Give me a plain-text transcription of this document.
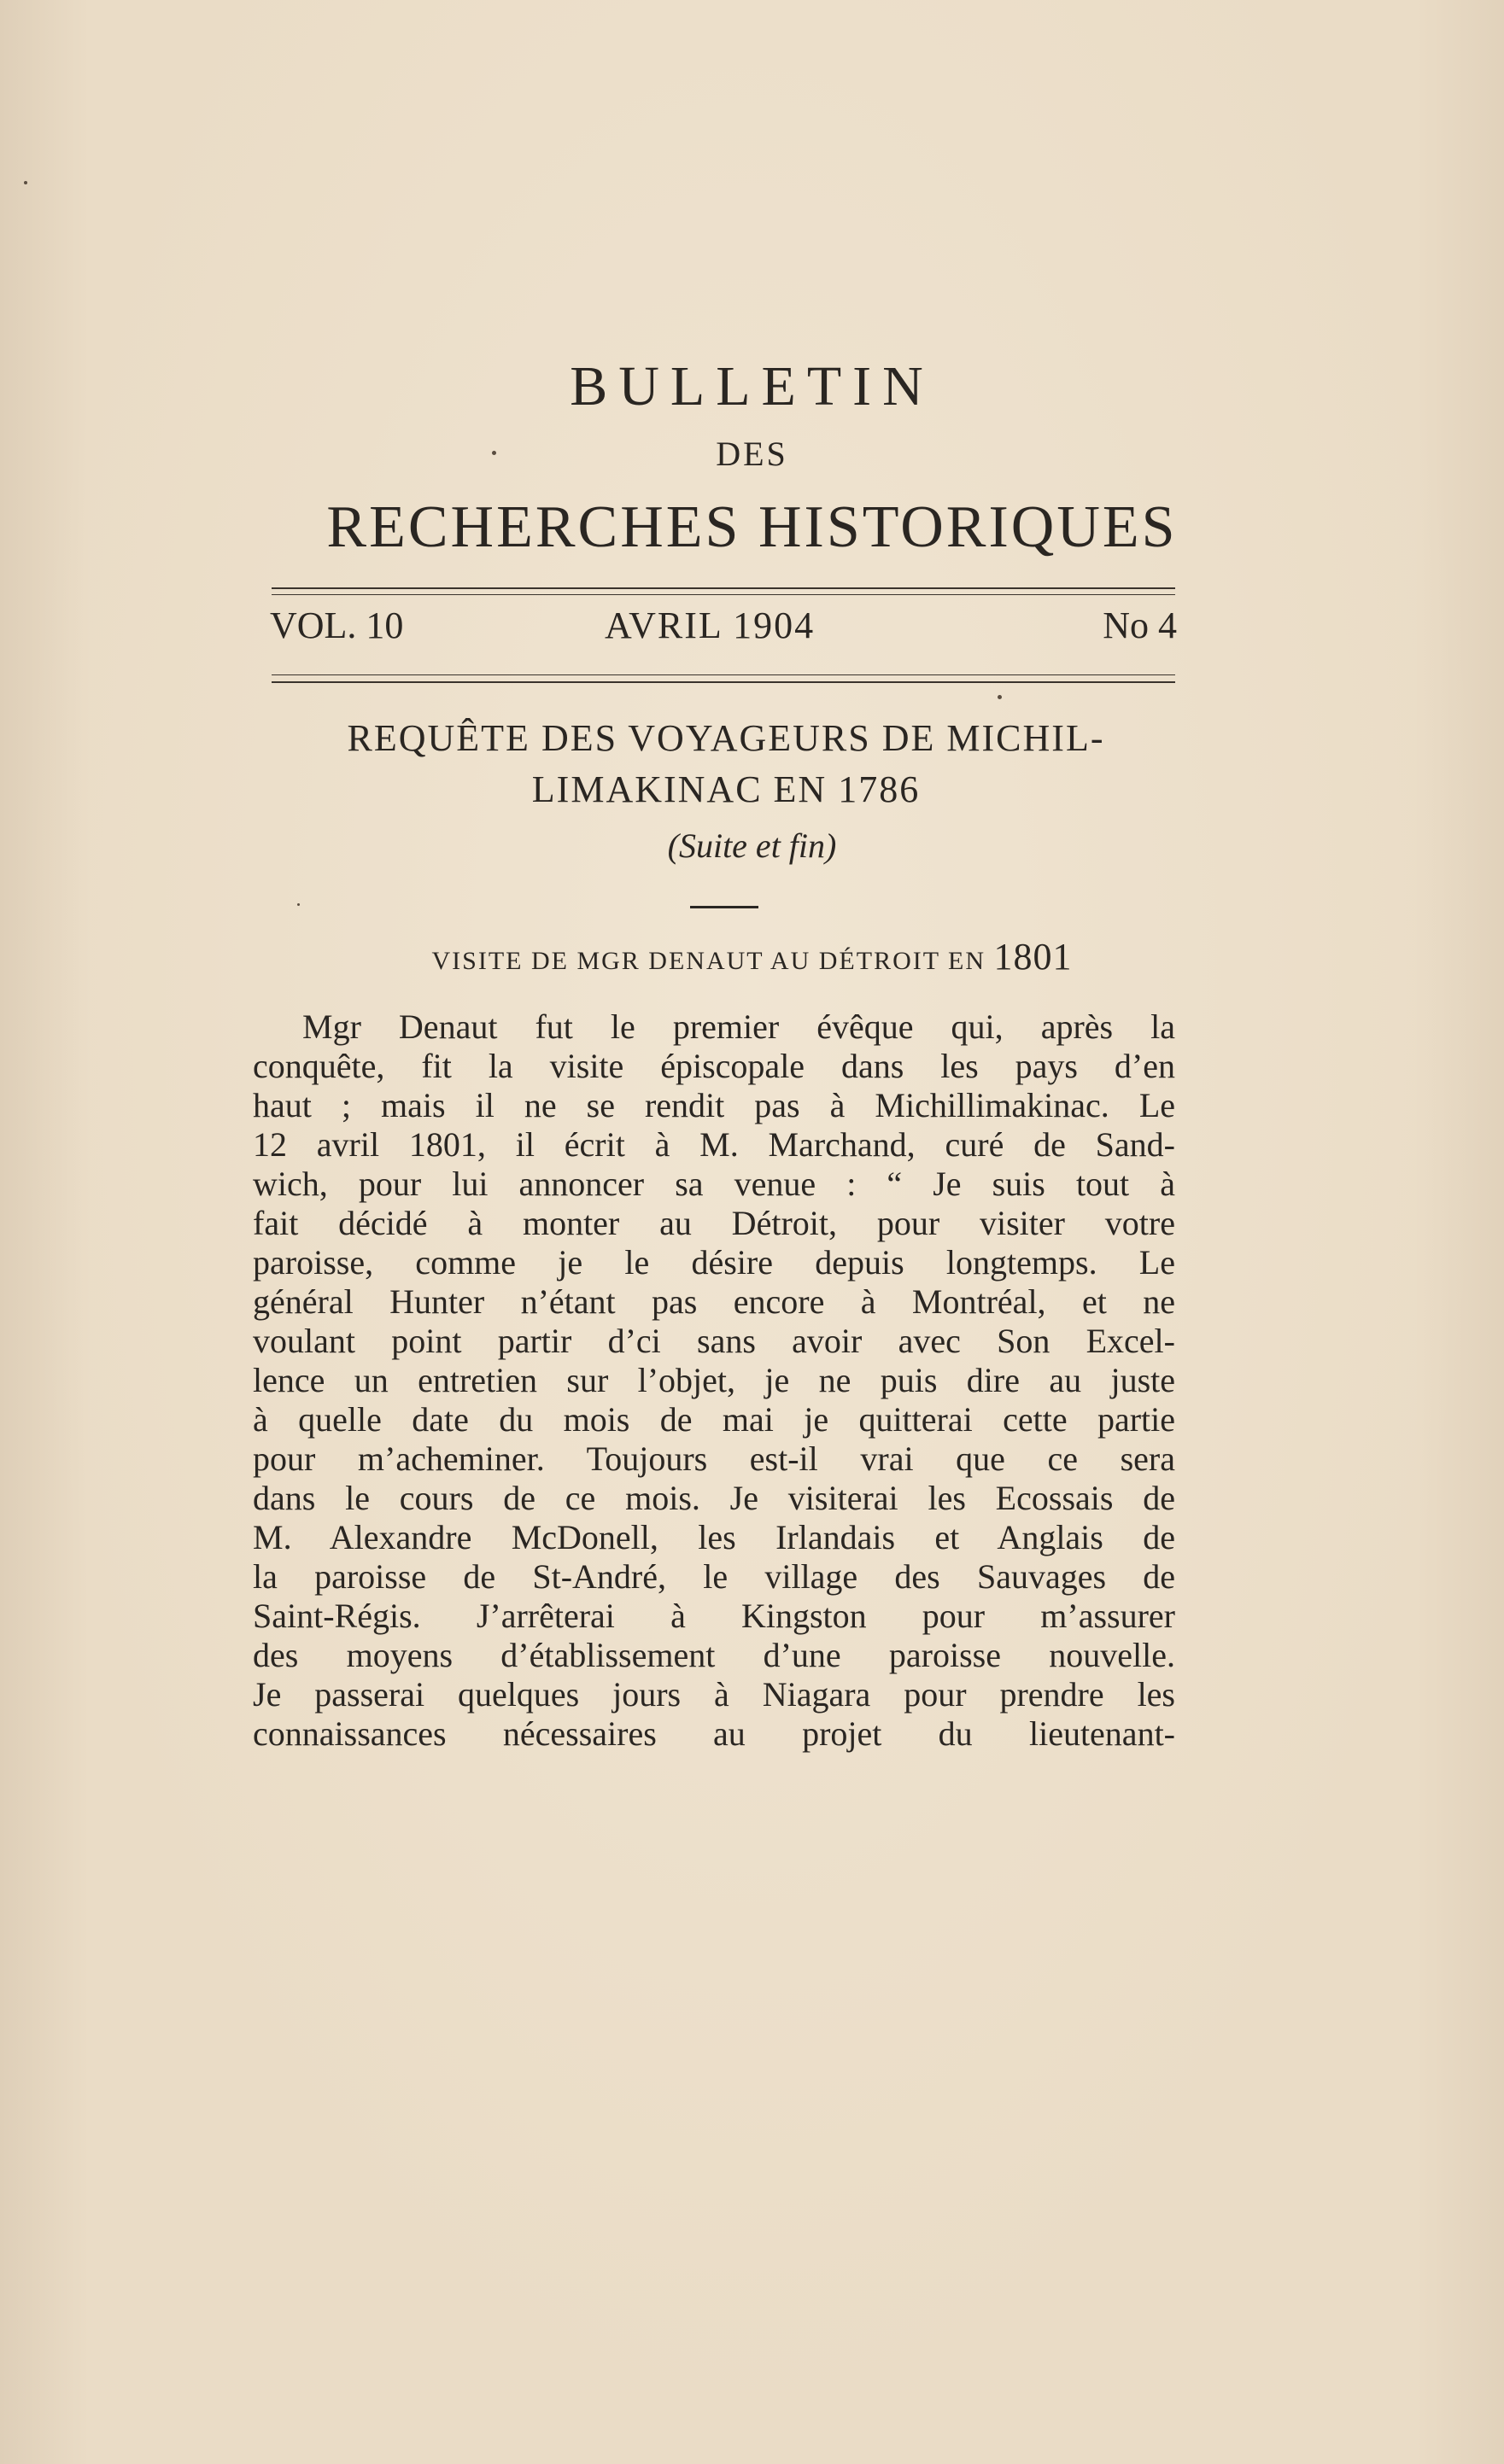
BULLETIN
DES
RECHERCHES HISTORIQUES
VOL. 10	AVRIL 1904	No 4
REQUÊTE DES VOYAGEURS DE MICHIL-
LIMAKINAC EN 1786
(Suite et fin)
VISITE DE MGR DENAUT AU DÉTROIT EN 1801
Mgr Denaut fut le premier évêque qui, après la
conquête, fit la visite épiscopale dans les pays d’en
haut ; mais il ne se rendit pas à Michillimakinac. Le
12 avril 1801, il écrit à M. Marchand, curé de Sand-
wich, pour lui annoncer sa venue : “ Je suis tout à
fait décidé à monter au Détroit, pour visiter votre
paroisse, comme je le désire depuis longtemps. Le
général Hunter n’étant pas encore à Montréal, et ne
voulant point partir d’ci sans avoir avec Son Excel-
lence un entretien sur l’objet, je ne puis dire au juste
à quelle date du mois de mai je quitterai cette partie
pour m’acheminer. Toujours est-il vrai que ce sera
dans le cours de ce mois. Je visiterai les Ecossais de
M. Alexandre McDonell, les Irlandais et Anglais de
la paroisse de St-André, le village des Sauvages de
Saint-Régis. J’arrêterai à Kingston pour m’assurer
des moyens d’établissement d’une paroisse nouvelle.
Je passerai quelques jours à Niagara pour prendre les
connaissances nécessaires au projet du lieutenant-
